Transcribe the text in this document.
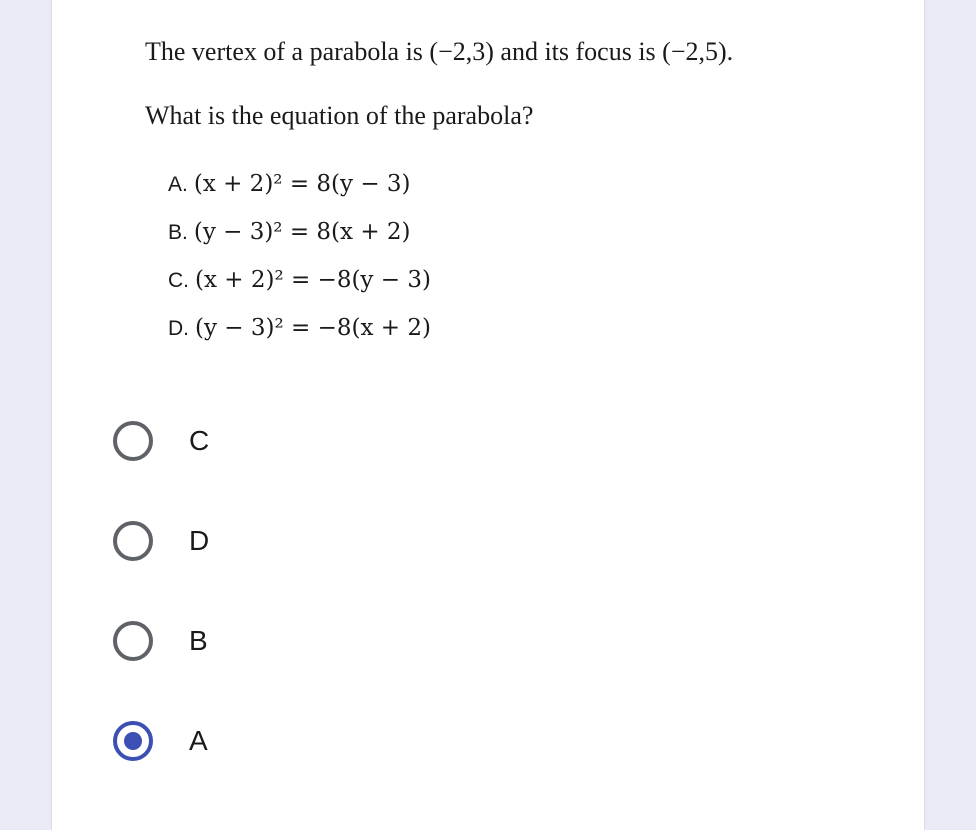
The vertex of a parabola is (−2,3) and its focus is (−2,5).

What is the equation of the parabola?

A. (x + 2)² = 8(y − 3)
B. (y − 3)² = 8(x + 2)
C. (x + 2)² = −8(y − 3)
D. (y − 3)² = −8(x + 2)
C
D
B
A
